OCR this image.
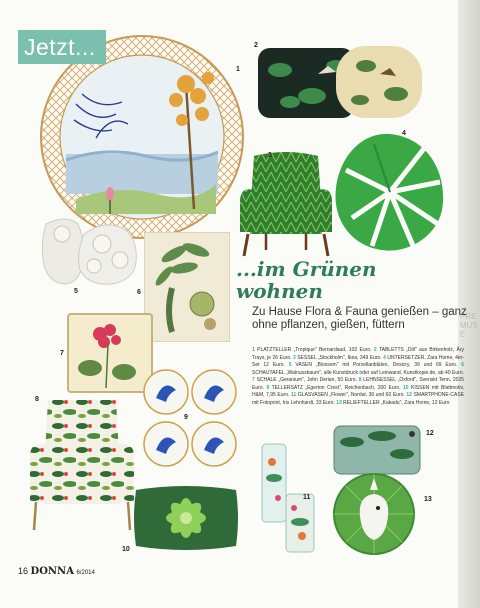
PRE MUSE
1
2
3
4
5	6
7
8
9
10
11
12
13
Jetzt...
...im Grünen
wohnen
Zu Hause Flora & Fauna genießen – ganz ohne pflanzen, gießen, füttern
1 PLATZTELLER „Tropique" Bernardaud, 102 Euro. 2 TABLETTS „Dill" aus Birkenholz, Åry Trays, je 26 Euro. 3 SESSEL „Stockholm", Ikea, 349 Euro. 4 UNTERSETZER, Zara Home, 4er-Set 12 Euro. 5 VASEN „Blossom" mit Porzellanblüten, Desicry, 39 und 69 Euro. 6 SCHAUTAFEL „Walnussbaum", alle Kunstdruck oder auf Leinwand, Kunstkopie.de, ab 40 Euro. 7 SCHALE „Geranium", John Derian, 50 Euro. 8 LEHNSESSEL „Oxford", Svenskt Tenn, 2025 Euro. 9 TELLERSATZ „Egerton Crest", Reichenbach, 200 Euro. 10 KISSEN mit Blattmotiv, H&M, 7,95 Euro. 11 GLASVASEN „Flower", Nordal, 36 und 60 Euro. 12 SMARTPHONE-CASE mit Fotoprint, Iris Lehnhardt, 33 Euro. 13 RELIEFTELLER „Kakadu", Zara Home, 12 Euro
16 DONNA 6/2014
